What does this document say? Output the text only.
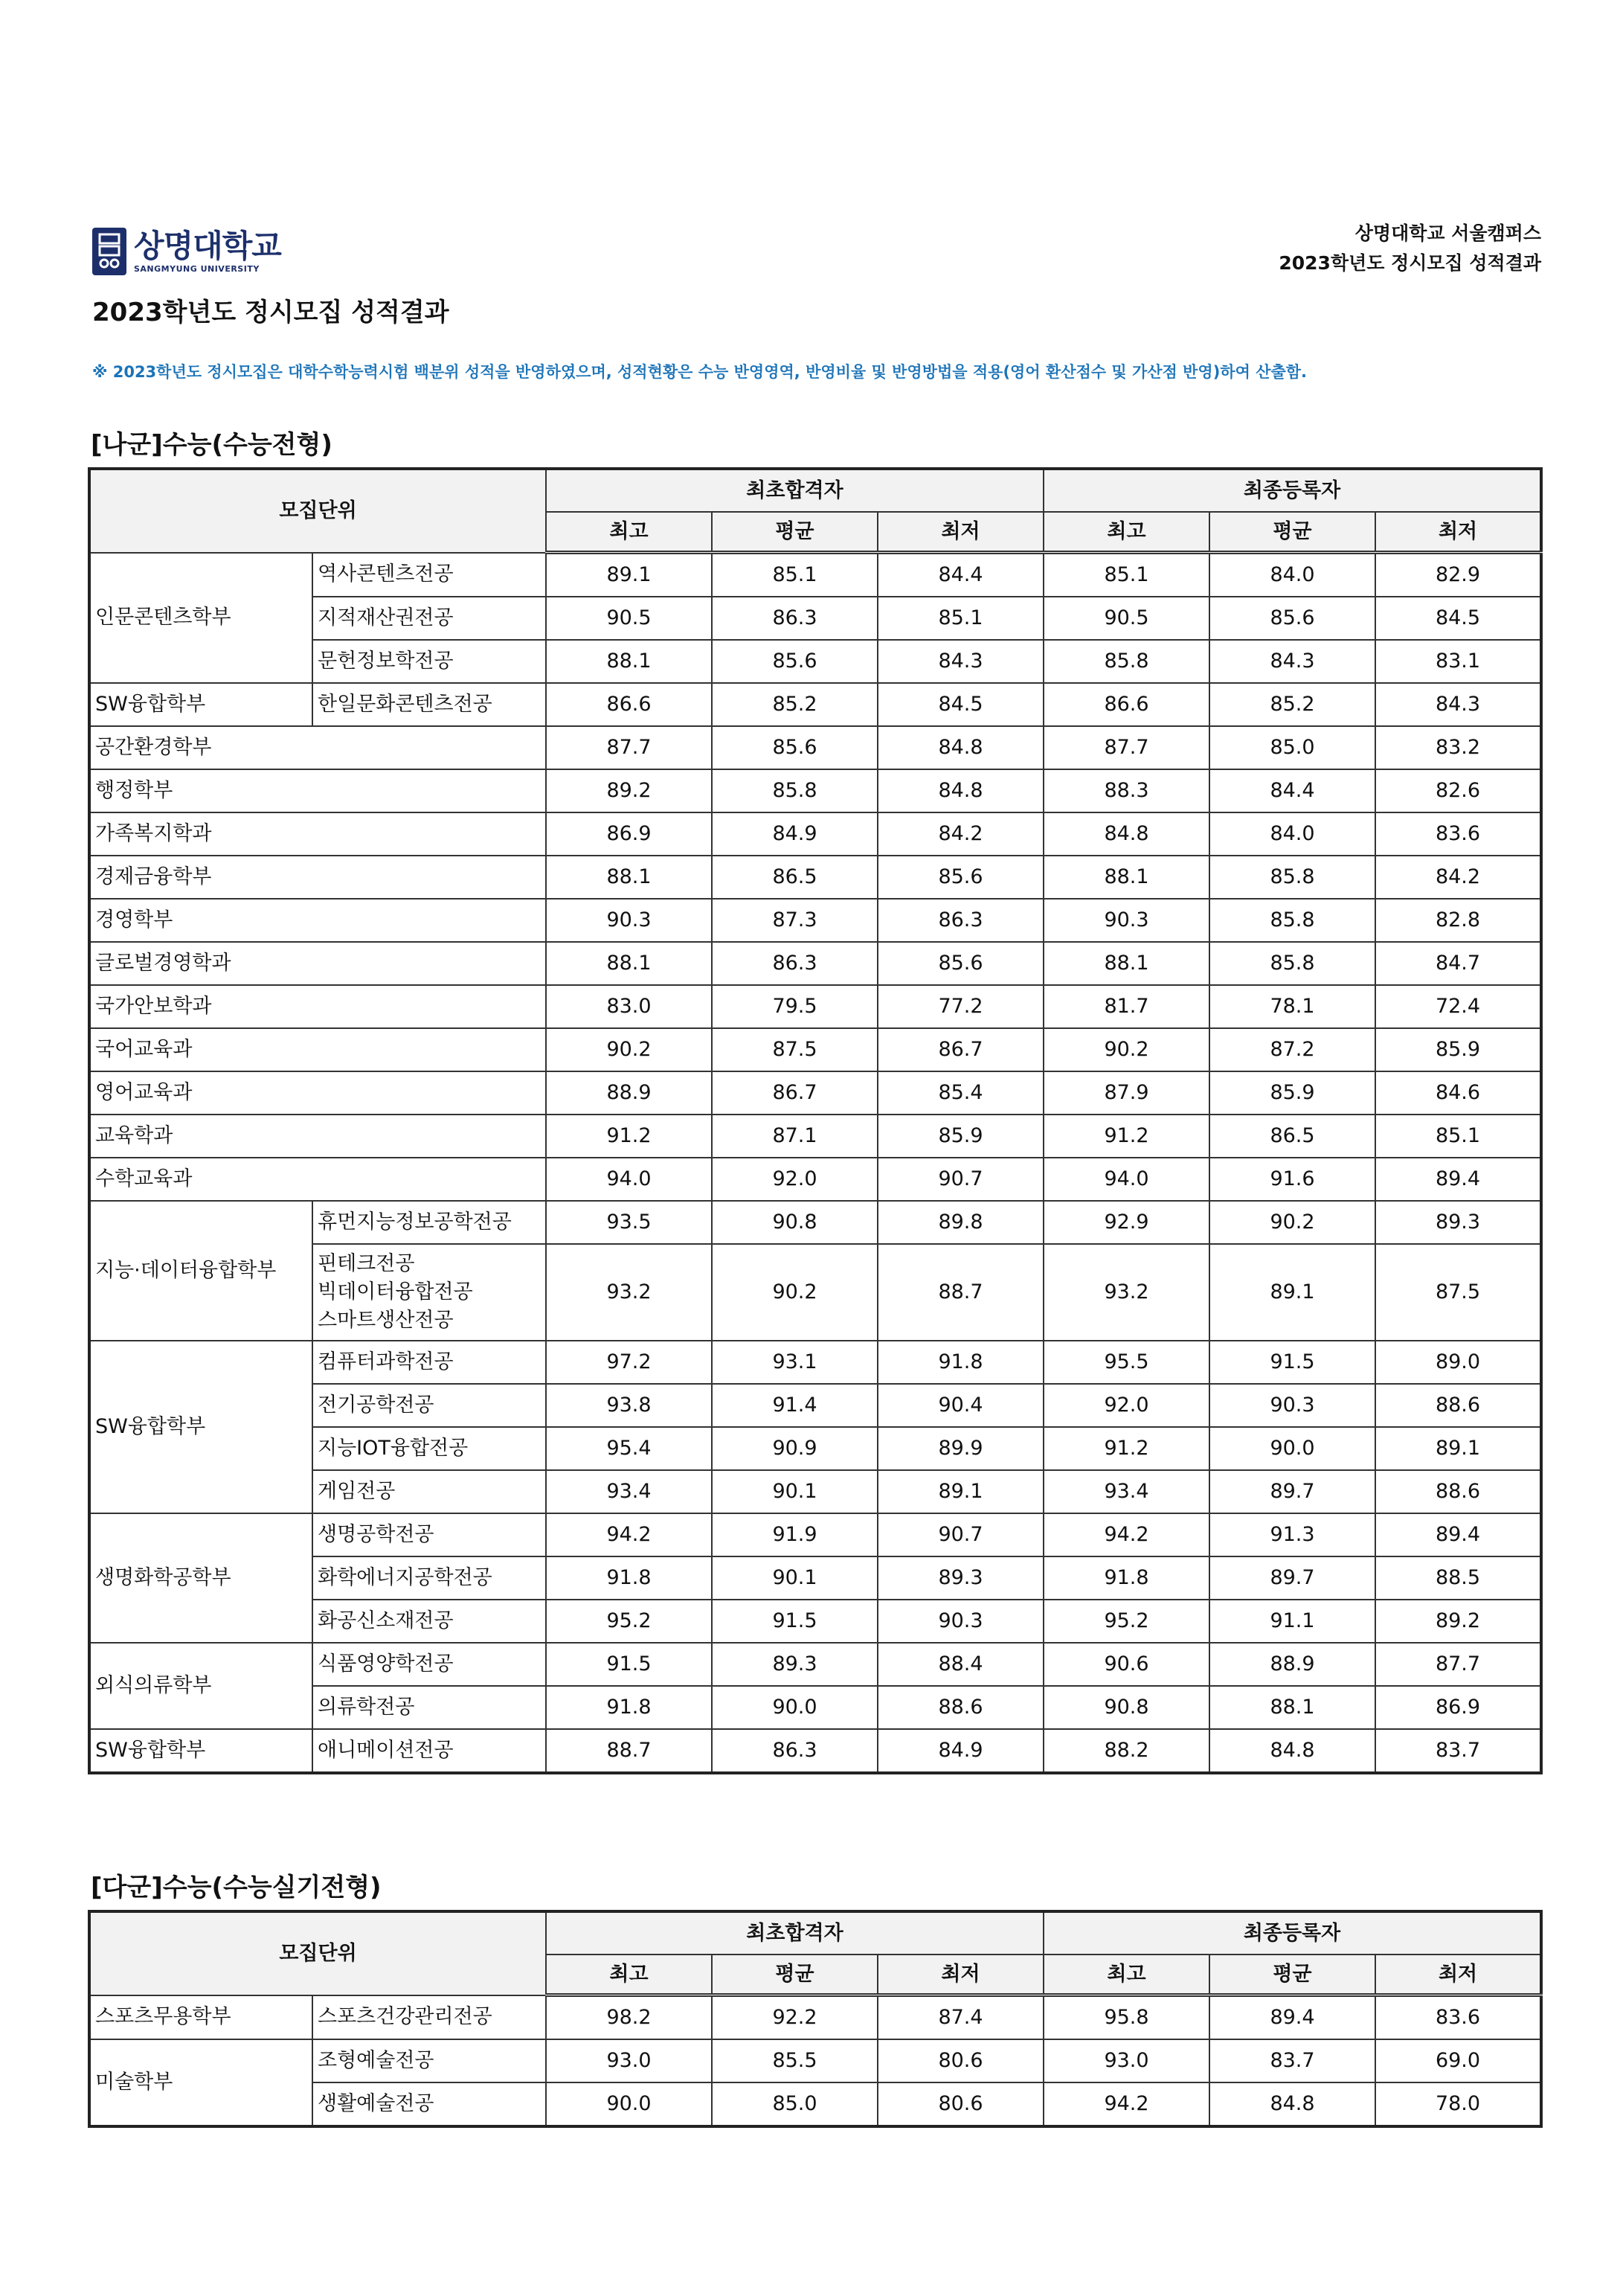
상명대학교
SANGMYUNG UNIVERSITY
상명대학교 서울캠퍼스
2023학년도 정시모집 성적결과
2023학년도 정시모집 성적결과
※ 2023학년도 정시모집은 대학수학능력시험 백분위 성적을 반영하였으며, 성적현황은 수능 반영영역, 반영비율 및 반영방법을 적용(영어 환산점수 및 가산점 반영)하여 산출함.
[나군]수능(수능전형)
모집단위		최초합격자			최종등록자		
		최고	평균	최저	최고	평균	최저
인문콘텐츠학부	역사콘텐츠전공	89.1	85.1	84.4	85.1	84.0	82.9
	지적재산권전공	90.5	86.3	85.1	90.5	85.6	84.5
	문헌정보학전공	88.1	85.6	84.3	85.8	84.3	83.1
SW융합학부	한일문화콘텐츠전공	86.6	85.2	84.5	86.6	85.2	84.3
공간환경학부		87.7	85.6	84.8	87.7	85.0	83.2
행정학부		89.2	85.8	84.8	88.3	84.4	82.6
가족복지학과		86.9	84.9	84.2	84.8	84.0	83.6
경제금융학부		88.1	86.5	85.6	88.1	85.8	84.2
경영학부		90.3	87.3	86.3	90.3	85.8	82.8
글로벌경영학과		88.1	86.3	85.6	88.1	85.8	84.7
국가안보학과		83.0	79.5	77.2	81.7	78.1	72.4
국어교육과		90.2	87.5	86.7	90.2	87.2	85.9
영어교육과		88.9	86.7	85.4	87.9	85.9	84.6
교육학과		91.2	87.1	85.9	91.2	86.5	85.1
수학교육과		94.0	92.0	90.7	94.0	91.6	89.4
지능·데이터융합학부	휴먼지능정보공학전공	93.5	90.8	89.8	92.9	90.2	89.3

	핀테크전공
빅데이터융합전공
스마트생산전공	93.2	90.2	88.7	93.2	89.1	87.5
SW융합학부	컴퓨터과학전공	97.2	93.1	91.8	95.5	91.5	89.0
	전기공학전공	93.8	91.4	90.4	92.0	90.3	88.6
	지능IOT융합전공	95.4	90.9	89.9	91.2	90.0	89.1
	게임전공	93.4	90.1	89.1	93.4	89.7	88.6
생명화학공학부	생명공학전공	94.2	91.9	90.7	94.2	91.3	89.4
	화학에너지공학전공	91.8	90.1	89.3	91.8	89.7	88.5
	화공신소재전공	95.2	91.5	90.3	95.2	91.1	89.2
외식의류학부	식품영양학전공	91.5	89.3	88.4	90.6	88.9	87.7
	의류학전공	91.8	90.0	88.6	90.8	88.1	86.9
SW융합학부	애니메이션전공	88.7	86.3	84.9	88.2	84.8	83.7
[다군]수능(수능실기전형)
모집단위		최초합격자			최종등록자		
		최고	평균	최저	최고	평균	최저
스포츠무용학부	스포츠건강관리전공	98.2	92.2	87.4	95.8	89.4	83.6
미술학부	조형예술전공	93.0	85.5	80.6	93.0	83.7	69.0
	생활예술전공	90.0	85.0	80.6	94.2	84.8	78.0
